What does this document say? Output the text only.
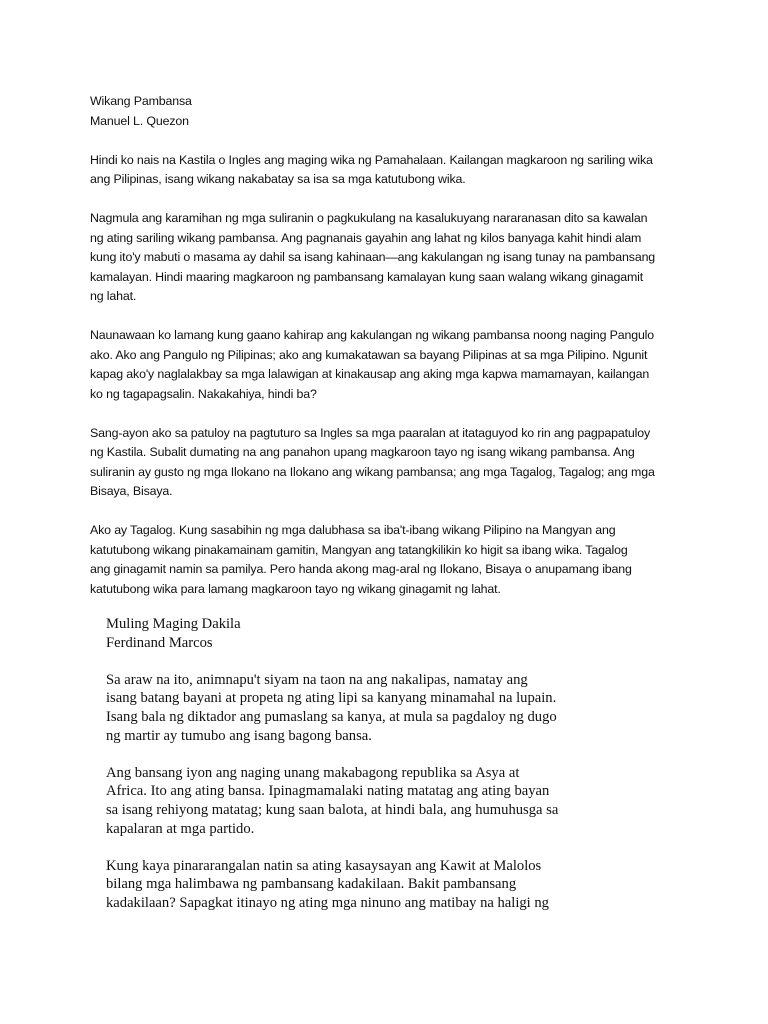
Wikang Pambansa
Manuel L. Quezon
Hindi ko nais na Kastila o Ingles ang maging wika ng Pamahalaan. Kailangan magkaroon ng sariling wika
ang Pilipinas, isang wikang nakabatay sa isa sa mga katutubong wika.
Nagmula ang karamihan ng mga suliranin o pagkukulang na kasalukuyang nararanasan dito sa kawalan
ng ating sariling wikang pambansa. Ang pagnanais gayahin ang lahat ng kilos banyaga kahit hindi alam
kung ito'y mabuti o masama ay dahil sa isang kahinaan—ang kakulangan ng isang tunay na pambansang
kamalayan. Hindi maaring magkaroon ng pambansang kamalayan kung saan walang wikang ginagamit
ng lahat.
Naunawaan ko lamang kung gaano kahirap ang kakulangan ng wikang pambansa noong naging Pangulo
ako. Ako ang Pangulo ng Pilipinas; ako ang kumakatawan sa bayang Pilipinas at sa mga Pilipino. Ngunit
kapag ako'y naglalakbay sa mga lalawigan at kinakausap ang aking mga kapwa mamamayan, kailangan
ko ng tagapagsalin. Nakakahiya, hindi ba?
Sang-ayon ako sa patuloy na pagtuturo sa Ingles sa mga paaralan at itataguyod ko rin ang pagpapatuloy
ng Kastila. Subalit dumating na ang panahon upang magkaroon tayo ng isang wikang pambansa. Ang
suliranin ay gusto ng mga Ilokano na Ilokano ang wikang pambansa; ang mga Tagalog, Tagalog; ang mga
Bisaya, Bisaya.
Ako ay Tagalog. Kung sasabihin ng mga dalubhasa sa iba't-ibang wikang Pilipino na Mangyan ang
katutubong wikang pinakamainam gamitin, Mangyan ang tatangkilikin ko higit sa ibang wika. Tagalog
ang ginagamit namin sa pamilya. Pero handa akong mag-aral ng Ilokano, Bisaya o anupamang ibang
katutubong wika para lamang magkaroon tayo ng wikang ginagamit ng lahat.
Muling Maging Dakila
Ferdinand Marcos
Sa araw na ito, animnapu't siyam na taon na ang nakalipas, namatay ang
isang batang bayani at propeta ng ating lipi sa kanyang minamahal na lupain.
Isang bala ng diktador ang pumaslang sa kanya, at mula sa pagdaloy ng dugo
ng martir ay tumubo ang isang bagong bansa.
Ang bansang iyon ang naging unang makabagong republika sa Asya at
Africa. Ito ang ating bansa. Ipinagmamalaki nating matatag ang ating bayan
sa isang rehiyong matatag; kung saan balota, at hindi bala, ang humuhusga sa
kapalaran at mga partido.
Kung kaya pinararangalan natin sa ating kasaysayan ang Kawit at Malolos
bilang mga halimbawa ng pambansang kadakilaan. Bakit pambansang
kadakilaan? Sapagkat itinayo ng ating mga ninuno ang matibay na haligi ng
